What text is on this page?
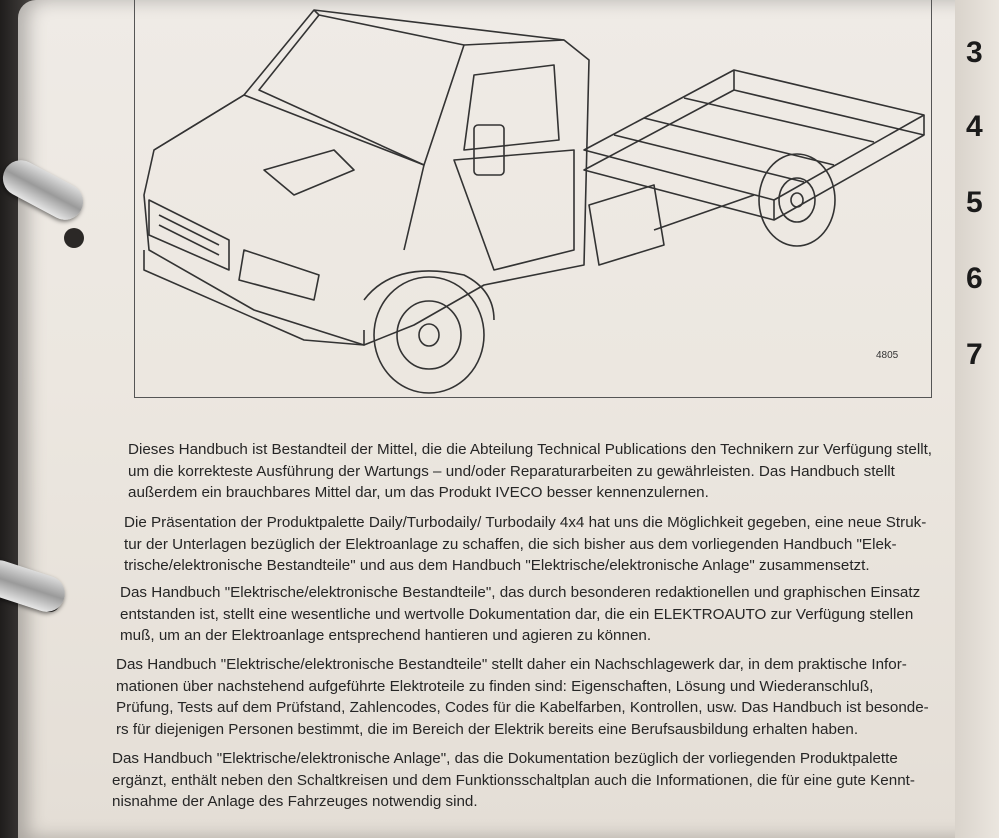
3
4
5
6
7
4805
Dieses Handbuch ist Bestandteil der Mittel, die die Abteilung Technical Publications den Technikern zur Verfügung stellt,
um die korrekteste Ausführung der Wartungs – und/oder Reparaturarbeiten zu gewährleisten. Das Handbuch stellt
außerdem ein brauchbares Mittel dar, um das Produkt IVECO besser kennenzulernen.
Die Präsentation der Produktpalette Daily/Turbodaily/ Turbodaily 4x4 hat uns die Möglichkeit gegeben, eine neue Struk-
tur der Unterlagen bezüglich der Elektroanlage zu schaffen, die sich bisher aus dem vorliegenden Handbuch "Elek-
trische/elektronische Bestandteile" und aus dem Handbuch "Elektrische/elektronische Anlage" zusammensetzt.
Das Handbuch "Elektrische/elektronische Bestandteile", das durch besonderen redaktionellen und graphischen Einsatz
entstanden ist, stellt eine wesentliche und wertvolle Dokumentation dar, die ein ELEKTROAUTO zur Verfügung stellen
muß, um an der Elektroanlage entsprechend hantieren und agieren zu können.
Das Handbuch "Elektrische/elektronische Bestandteile" stellt daher ein Nachschlagewerk dar, in dem praktische Infor-
mationen über nachstehend aufgeführte Elektroteile zu finden sind: Eigenschaften, Lösung und Wiederanschluß,
Prüfung, Tests auf dem Prüfstand, Zahlencodes, Codes für die Kabelfarben, Kontrollen, usw. Das Handbuch ist besonde-
rs für diejenigen Personen bestimmt, die im Bereich der Elektrik bereits eine Berufsausbildung erhalten haben.
Das Handbuch "Elektrische/elektronische Anlage", das die Dokumentation bezüglich der vorliegenden Produktpalette
ergänzt, enthält neben den Schaltkreisen und dem Funktionsschaltplan auch die Informationen, die für eine gute Kennt-
nisnahme der Anlage des Fahrzeuges notwendig sind.
